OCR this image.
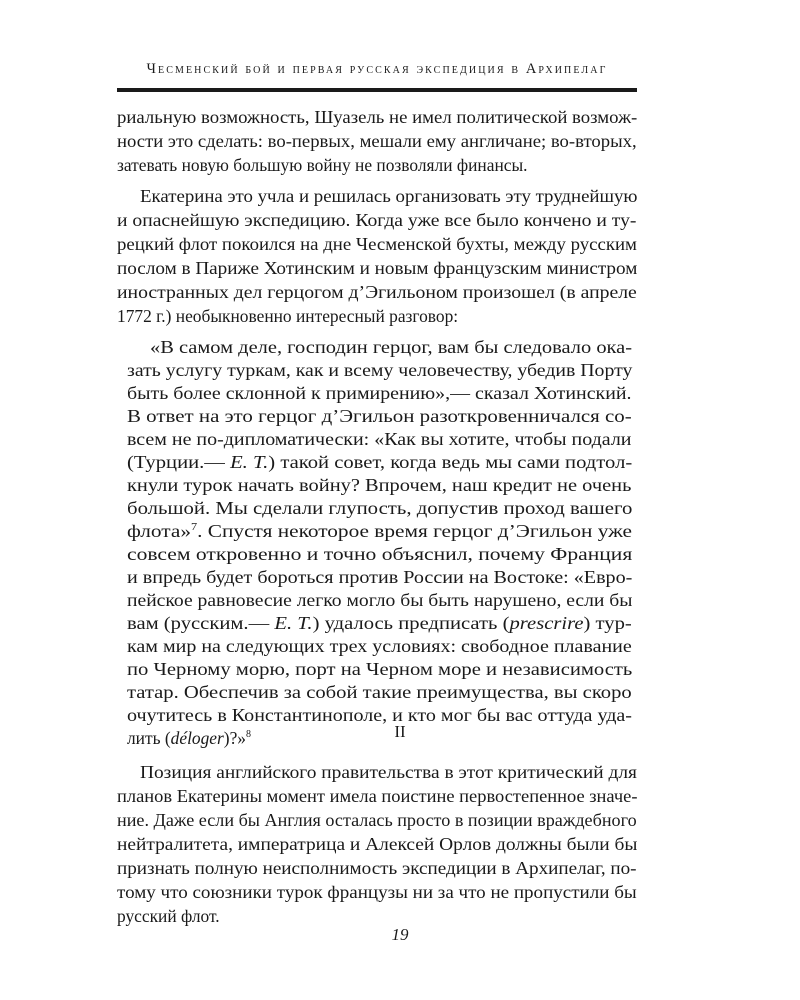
Чесменский бой и первая русская экспедиция в Архипелаг
риальную возможность, Шуазель не имел политической возмож-
ности это сделать: во-первых, мешали ему англичане; во-вторых,
затевать новую большую войну не позволяли финансы.
Екатерина это учла и решилась организовать эту труднейшую
и опаснейшую экспедицию. Когда уже все было кончено и ту-
рецкий флот покоился на дне Чесменской бухты, между русским
послом в Париже Хотинским и новым французским министром
иностранных дел герцогом д’Эгильоном произошел (в апреле
1772 г.) необыкновенно интересный разговор:
«В самом деле, господин герцог, вам бы следовало ока-
зать услугу туркам, как и всему человечеству, убедив Порту
быть более склонной к примирению»,— сказал Хотинский.
В ответ на это герцог д’Эгильон разоткровенничался со-
всем не по-дипломатически: «Как вы хотите, чтобы подали
(Турции.— Е. Т.) такой совет, когда ведь мы сами подтол-
кнули турок начать войну? Впрочем, наш кредит не очень
большой. Мы сделали глупость, допустив проход вашего
флота»$^7$. Спустя некоторое время герцог д’Эгильон уже
совсем откровенно и точно объяснил, почему Франция
и впредь будет бороться против России на Востоке: «Евро-
пейское равновесие легко могло бы быть нарушено, если бы
вам (русским.— Е. Т.) удалось предписать (prescrire) тур-
кам мир на следующих трех условиях: свободное плавание
по Черному морю, порт на Черном море и независимость
татар. Обеспечив за собой такие преимущества, вы скоро
очутитесь в Константинополе, и кто мог бы вас оттуда уда-
лить (déloger)?»$^8$	II
Позиция английского правительства в этот критический для
планов Екатерины момент имела поистине первостепенное значе-
ние. Даже если бы Англия осталась просто в позиции враждебного
нейтралитета, императрица и Алексей Орлов должны были бы
признать полную неисполнимость экспедиции в Архипелаг, по-
тому что союзники турок французы ни за что не пропустили бы
русский флот.
19
